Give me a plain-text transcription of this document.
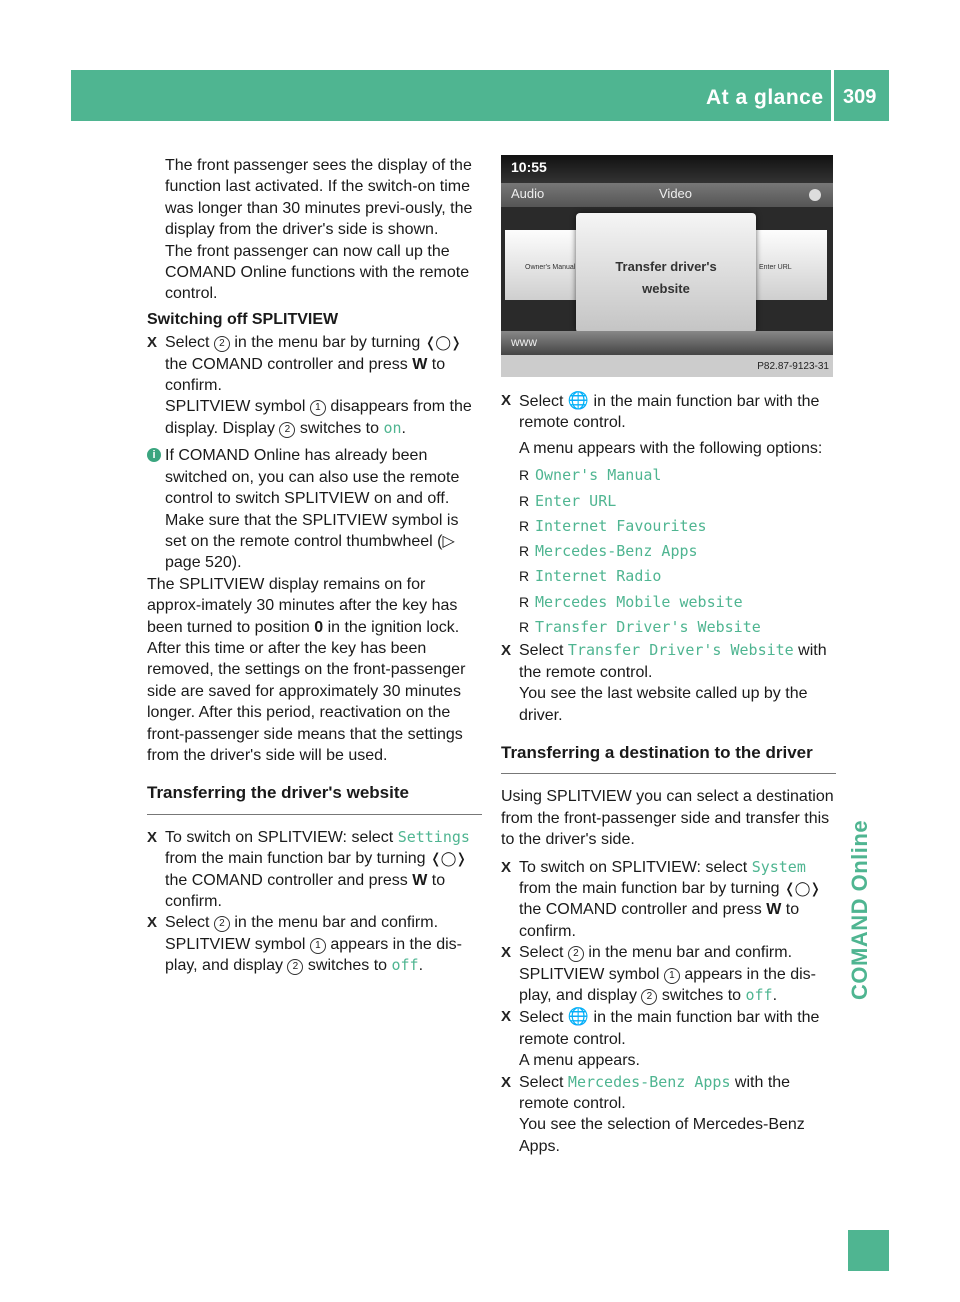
At a glance 309
COMAND Online

The front passenger sees the display of the function last activated. If the switch-on time was longer than 30 minutes previ-ously, the display from the driver's side is shown.

The front passenger can now call up the COMAND Online functions with the remote control.

Switching off SPLITVIEW

X Select 2 in the menu bar by turning ❬◯❭ the COMAND controller and press W to confirm.
SPLITVIEW symbol 1 disappears from the display. Display 2 switches to on.

i If COMAND Online has already been switched on, you can also use the remote control to switch SPLITVIEW on and off. Make sure that the SPLITVIEW symbol is set on the remote control thumbwheel (▷ page 520).

The SPLITVIEW display remains on for approx-imately 30 minutes after the key has been turned to position 0 in the ignition lock. After this time or after the key has been removed, the settings on the front-passenger side are saved for approximately 30 minutes longer. After this period, reactivation on the front-passenger side means that the settings from the driver's side will be used.

Transferring the driver's website

X To switch on SPLITVIEW: select Settings from the main function bar by turning ❬◯❭ the COMAND controller and press W to confirm.

X Select 2 in the menu bar and confirm. SPLITVIEW symbol 1 appears in the dis-play, and display 2 switches to off.

10:55
Audio	Video
Owner's Manual	Enter URL
Transfer driver's
website
www
P82.87-9123-31

X Select 🌐 in the main function bar with the remote control.

A menu appears with the following options:

R Owner's Manual

R Enter URL

R Internet Favourites

R Mercedes-Benz Apps

R Internet Radio

R Mercedes Mobile website

R Transfer Driver's Website

X Select Transfer Driver's Website with the remote control.
You see the last website called up by the driver.

Transferring a destination to the driver

Using SPLITVIEW you can select a destination from the front-passenger side and transfer this to the driver's side.

X To switch on SPLITVIEW: select System from the main function bar by turning ❬◯❭ the COMAND controller and press W to confirm.

X Select 2 in the menu bar and confirm. SPLITVIEW symbol 1 appears in the dis-play, and display 2 switches to off.

X Select 🌐 in the main function bar with the remote control.
A menu appears.

X Select Mercedes-Benz Apps with the remote control.
You see the selection of Mercedes-Benz Apps.
